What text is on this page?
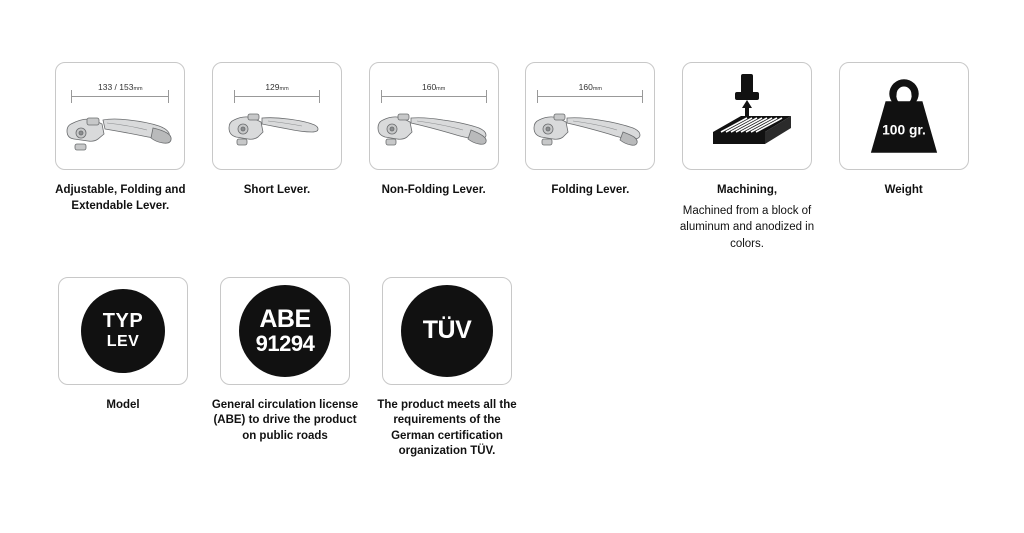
133 / 153mm
Adjustable, Folding and Extendable Lever.
129mm
Short Lever.
160mm
Non-Folding Lever.
160mm
Folding Lever.	Machining,
Machined from a block of aluminum and anodized in colors.
100 gr.
Weight
TYP
LEV
Model
ABE
91294
General circulation license (ABE) to drive the product on public roads
TÜV
The product meets all the requirements of the German certification organization TÜV.
